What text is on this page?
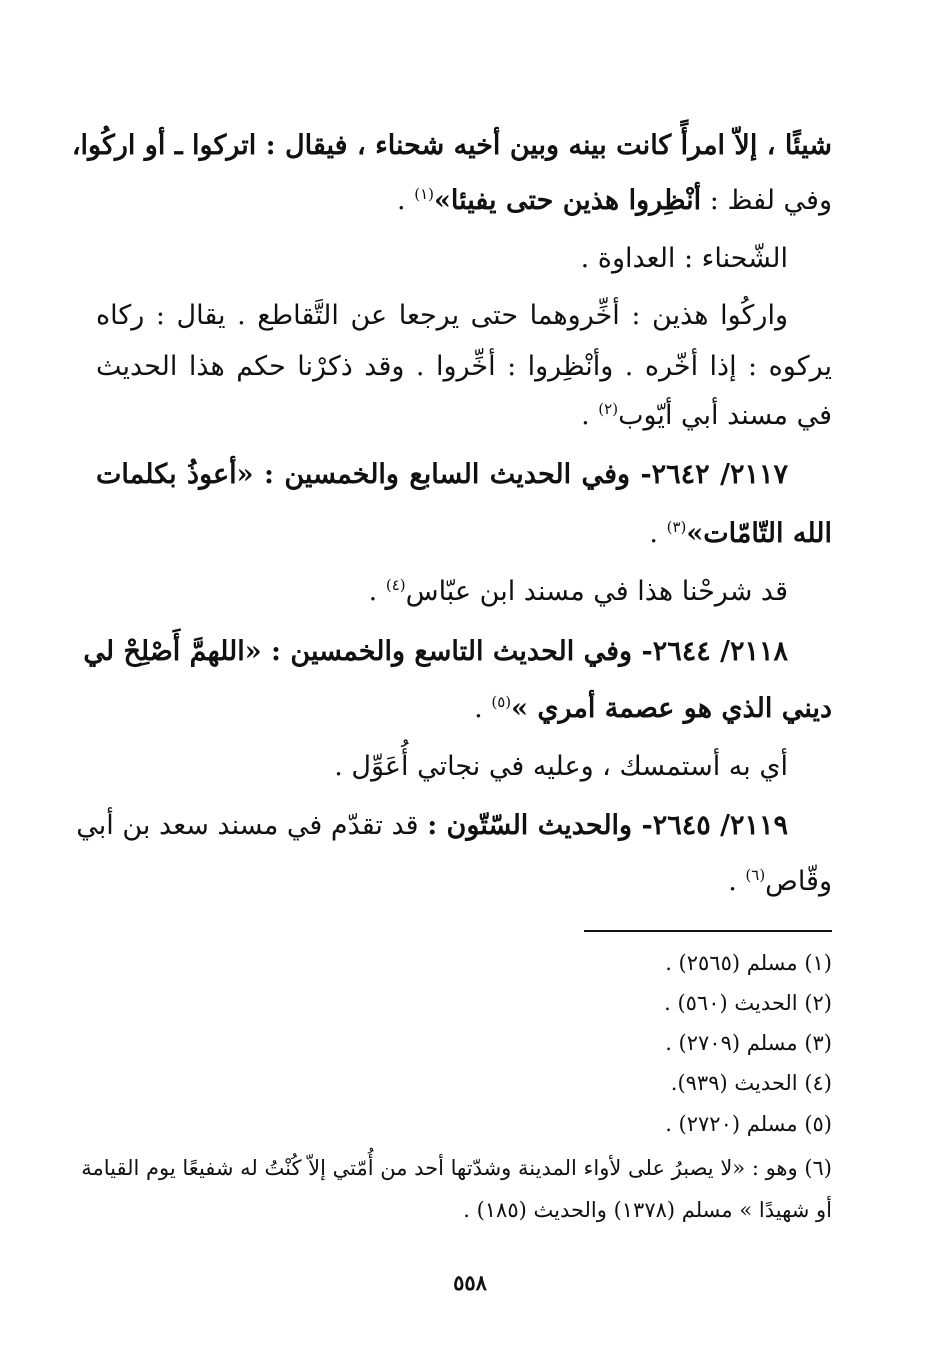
شيئًا ، إلاّ امرأً كانت بينه وبين أخيه شحناء ، فيقال : اتركوا ـ أو اركُوا،
وفي لفظ : أنْظِروا هذين حتى يفيئا»$^{(١)}$ .
الشّحناء : العداوة .
واركُوا هذين : أخِّروهما حتى يرجعا عن التَّقاطع . يقال : ركاه
يركوه : إذا أخّره . وأنْظِروا : أخِّروا . وقد ذكرْنا حكم هذا الحديث
في مسند أبي أيّوب$^{(٢)}$ .
٢١١٧/ ٢٦٤٢- وفي الحديث السابع والخمسين : «أعوذُ بكلمات
الله التّامّات»$^{(٣)}$ .
قد شرحْنا هذا في مسند ابن عبّاس$^{(٤)}$ .
٢١١٨/ ٢٦٤٤- وفي الحديث التاسع والخمسين : «اللهمَّ أَصْلِحْ لي
ديني الذي هو عصمة أمري »$^{(٥)}$ .
أي به أستمسك ، وعليه في نجاتي أُعَوِّل .
٢١١٩/ ٢٦٤٥- والحديث السّتّون : قد تقدّم في مسند سعد بن أبي
وقّاص$^{(٦)}$ .
(١) مسلم (٢٥٦٥) .
(٢) الحديث (٥٦٠) .
(٣) مسلم (٢٧٠٩) .
(٤) الحديث (٩٣٩).
(٥) مسلم (٢٧٢٠) .
(٦) وهو : «لا يصبرُ على لأواء المدينة وشدّتها أحد من أُمّتي إلاّ كُنْتُ له شفيعًا يوم القيامة
أو شهيدًا » مسلم (١٣٧٨) والحديث (١٨٥) .
٥٥٨
